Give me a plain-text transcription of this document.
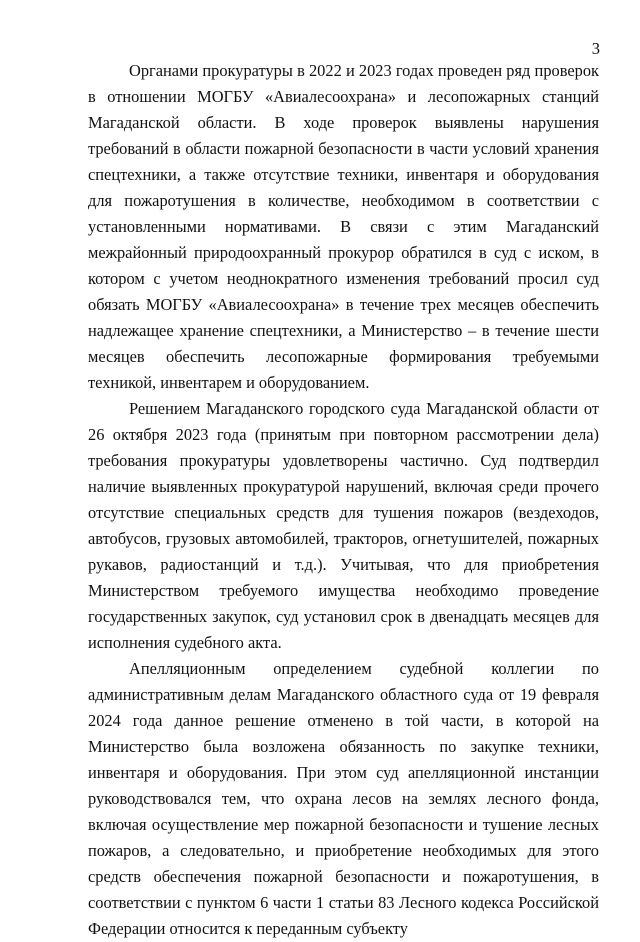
3

Органами прокуратуры в 2022 и 2023 годах проведен ряд проверок в отношении МОГБУ «Авиалесоохрана» и лесопожарных станций Магаданской области. В ходе проверок выявлены нарушения требований в области пожарной безопасности в части условий хранения спецтехники, а также отсутствие техники, инвентаря и оборудования для пожаротушения в количестве, необходимом в соответствии с установленными нормативами. В связи с этим Магаданский межрайонный природоохранный прокурор обратился в суд с иском, в котором с учетом неоднократного изменения требований просил суд обязать МОГБУ «Авиалесоохрана» в течение трех месяцев обеспечить надлежащее хранение спецтехники, а Министерство – в течение шести месяцев обеспечить лесопожарные формирования требуемыми техникой, инвентарем и оборудованием.

Решением Магаданского городского суда Магаданской области от 26 октября 2023 года (принятым при повторном рассмотрении дела) требования прокуратуры удовлетворены частично. Суд подтвердил наличие выявленных прокуратурой нарушений, включая среди прочего отсутствие специальных средств для тушения пожаров (вездеходов, автобусов, грузовых автомобилей, тракторов, огнетушителей, пожарных рукавов, радиостанций и т.д.). Учитывая, что для приобретения Министерством требуемого имущества необходимо проведение государственных закупок, суд установил срок в двенадцать месяцев для исполнения судебного акта.

Апелляционным определением судебной коллегии по административным делам Магаданского областного суда от 19 февраля 2024 года данное решение отменено в той части, в которой на Министерство была возложена обязанность по закупке техники, инвентаря и оборудования. При этом суд апелляционной инстанции руководствовался тем, что охрана лесов на землях лесного фонда, включая осуществление мер пожарной безопасности и тушение лесных пожаров, а следовательно, и приобретение необходимых для этого средств обеспечения пожарной безопасности и пожаротушения, в соответствии с пунктом 6 части 1 статьи 83 Лесного кодекса Российской Федерации относится к переданным субъекту
